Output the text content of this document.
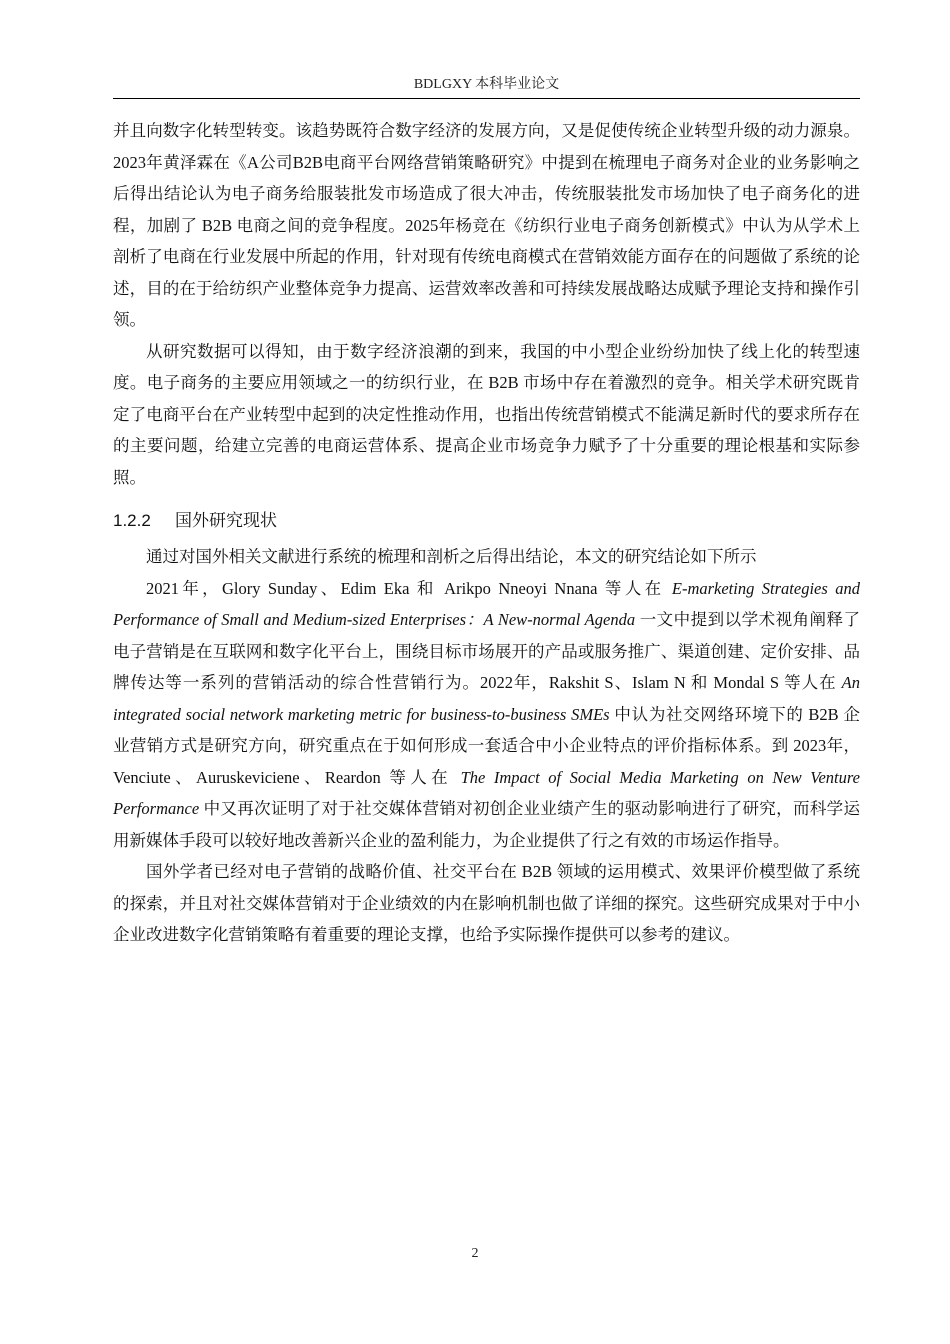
BDLGXY 本科毕业论文

并且向数字化转型转变。该趋势既符合数字经济的发展方向，又是促使传统企业转型升级的动力源泉。2023年黄泽霖在《A公司B2B电商平台网络营销策略研究》中提到在梳理电子商务对企业的业务影响之后得出结论认为电子商务给服装批发市场造成了很大冲击，传统服装批发市场加快了电子商务化的进程，加剧了 B2B 电商之间的竞争程度。2025年杨竞在《纺织行业电子商务创新模式》中认为从学术上剖析了电商在行业发展中所起的作用，针对现有传统电商模式在营销效能方面存在的问题做了系统的论述，目的在于给纺织产业整体竞争力提高、运营效率改善和可持续发展战略达成赋予理论支持和操作引领。

从研究数据可以得知，由于数字经济浪潮的到来，我国的中小型企业纷纷加快了线上化的转型速度。电子商务的主要应用领域之一的纺织行业，在 B2B 市场中存在着激烈的竞争。相关学术研究既肯定了电商平台在产业转型中起到的决定性推动作用，也指出传统营销模式不能满足新时代的要求所存在的主要问题，给建立完善的电商运营体系、提高企业市场竞争力赋予了十分重要的理论根基和实际参照。

1.2.2 国外研究现状

通过对国外相关文献进行系统的梳理和剖析之后得出结论，本文的研究结论如下所示

2021年，Glory Sunday、Edim Eka 和 Arikpo Nneoyi Nnana 等人在 E-marketing Strategies and Performance of Small and Medium-sized Enterprises：A New-normal Agenda 一文中提到以学术视角阐释了电子营销是在互联网和数字化平台上，围绕目标市场展开的产品或服务推广、渠道创建、定价安排、品牌传达等一系列的营销活动的综合性营销行为。2022年，Rakshit S、Islam N 和 Mondal S 等人在 An integrated social network marketing metric for business-to-business SMEs 中认为社交网络环境下的 B2B 企业营销方式是研究方向，研究重点在于如何形成一套适合中小企业特点的评价指标体系。到 2023年，Venciute、Auruskeviciene、Reardon 等人在 The Impact of Social Media Marketing on New Venture Performance 中又再次证明了对于社交媒体营销对初创企业业绩产生的驱动影响进行了研究，而科学运用新媒体手段可以较好地改善新兴企业的盈利能力，为企业提供了行之有效的市场运作指导。

国外学者已经对电子营销的战略价值、社交平台在 B2B 领域的运用模式、效果评价模型做了系统的探索，并且对社交媒体营销对于企业绩效的内在影响机制也做了详细的探究。这些研究成果对于中小企业改进数字化营销策略有着重要的理论支撑，也给予实际操作提供可以参考的建议。

2
